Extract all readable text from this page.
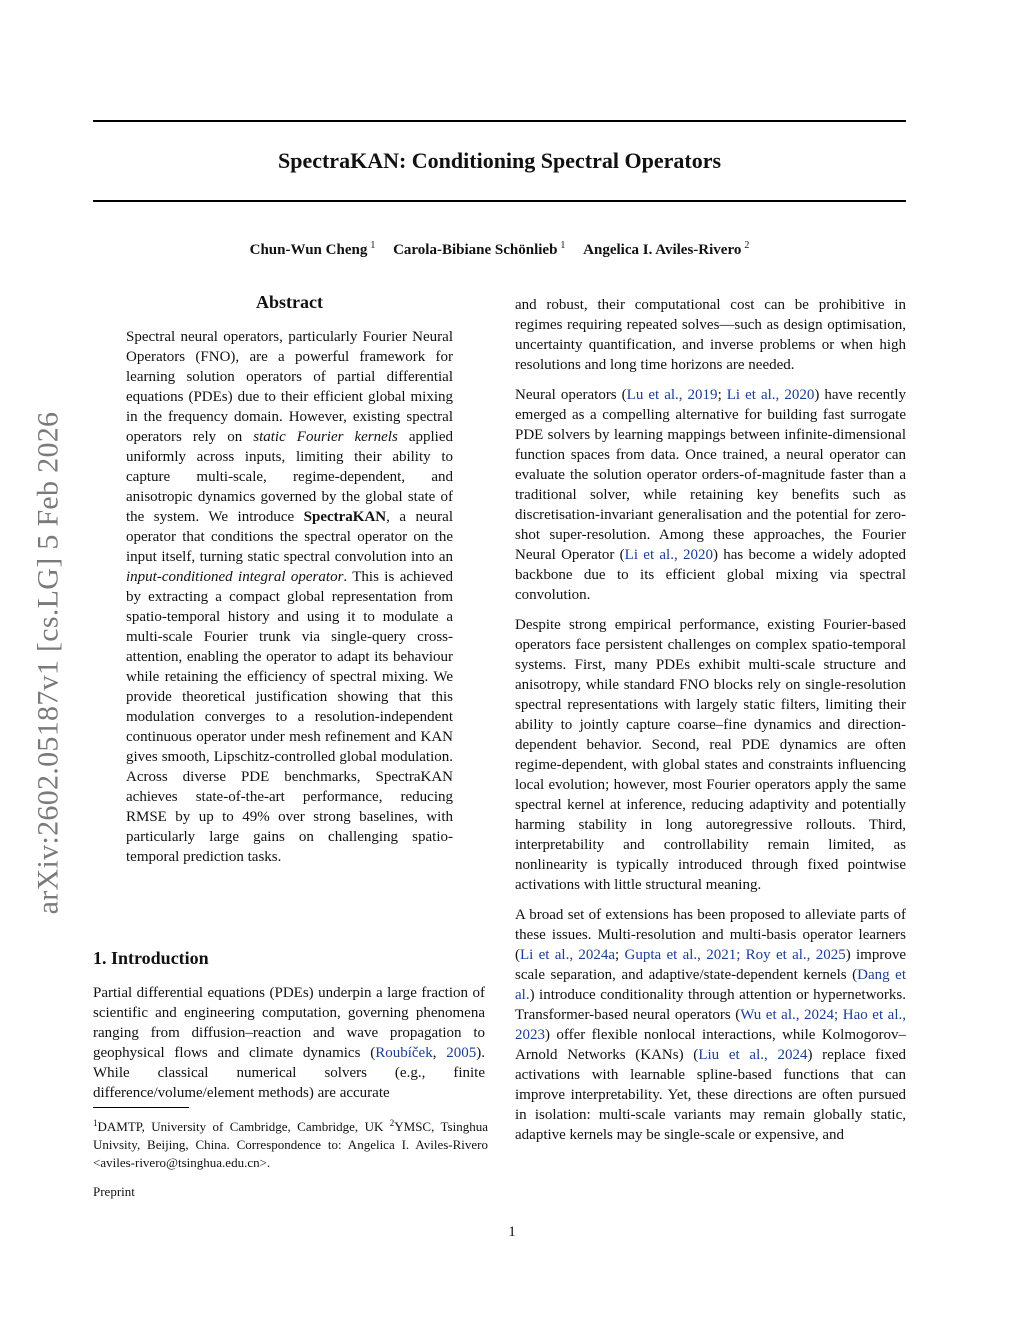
SpectraKAN: Conditioning Spectral Operators
Chun-Wun Cheng $^1$ Carola-Bibiane Schönlieb $^1$ Angelica I. Aviles-Rivero $^2$
arXiv:2602.05187v1 [cs.LG] 5 Feb 2026
Abstract

Spectral neural operators, particularly Fourier Neural Operators (FNO), are a powerful framework for learning solution operators of partial differential equations (PDEs) due to their efficient global mixing in the frequency domain. However, existing spectral operators rely on static Fourier kernels applied uniformly across inputs, limiting their ability to capture multi-scale, regime-dependent, and anisotropic dynamics governed by the global state of the system. We introduce SpectraKAN, a neural operator that conditions the spectral operator on the input itself, turning static spectral convolution into an input-conditioned integral operator. This is achieved by extracting a compact global representation from spatio-temporal history and using it to modulate a multi-scale Fourier trunk via single-query cross-attention, enabling the operator to adapt its behaviour while retaining the efficiency of spectral mixing. We provide theoretical justification showing that this modulation converges to a resolution-independent continuous operator under mesh refinement and KAN gives smooth, Lipschitz-controlled global modulation. Across diverse PDE benchmarks, SpectraKAN achieves state-of-the-art performance, reducing RMSE by up to 49% over strong baselines, with particularly large gains on challenging spatio-temporal prediction tasks.

1. Introduction

Partial differential equations (PDEs) underpin a large fraction of scientific and engineering computation, governing phenomena ranging from diffusion–reaction and wave propagation to geophysical flows and climate dynamics (Roubíček, 2005). While classical numerical solvers (e.g., finite difference/volume/element methods) are accurate

$^1$DAMTP, University of Cambridge, Cambridge, UK $^2$YMSC, Tsinghua Univsity, Beijing, China. Correspondence to: Angelica I. Aviles-Rivero <aviles-rivero@tsinghua.edu.cn>.

Preprint

and robust, their computational cost can be prohibitive in regimes requiring repeated solves—such as design optimisation, uncertainty quantification, and inverse problems or when high resolutions and long time horizons are needed.

Neural operators (Lu et al., 2019; Li et al., 2020) have recently emerged as a compelling alternative for building fast surrogate PDE solvers by learning mappings between infinite-dimensional function spaces from data. Once trained, a neural operator can evaluate the solution operator orders-of-magnitude faster than a traditional solver, while retaining key benefits such as discretisation-invariant generalisation and the potential for zero-shot super-resolution. Among these approaches, the Fourier Neural Operator (Li et al., 2020) has become a widely adopted backbone due to its efficient global mixing via spectral convolution.

Despite strong empirical performance, existing Fourier-based operators face persistent challenges on complex spatio-temporal systems. First, many PDEs exhibit multi-scale structure and anisotropy, while standard FNO blocks rely on single-resolution spectral representations with largely static filters, limiting their ability to jointly capture coarse–fine dynamics and direction-dependent behavior. Second, real PDE dynamics are often regime-dependent, with global states and constraints influencing local evolution; however, most Fourier operators apply the same spectral kernel at inference, reducing adaptivity and potentially harming stability in long autoregressive rollouts. Third, interpretability and controllability remain limited, as nonlinearity is typically introduced through fixed pointwise activations with little structural meaning.

A broad set of extensions has been proposed to alleviate parts of these issues. Multi-resolution and multi-basis operator learners (Li et al., 2024a; Gupta et al., 2021; Roy et al., 2025) improve scale separation, and adaptive/state-dependent kernels (Dang et al.) introduce conditionality through attention or hypernetworks. Transformer-based neural operators (Wu et al., 2024; Hao et al., 2023) offer flexible nonlocal interactions, while Kolmogorov–Arnold Networks (KANs) (Liu et al., 2024) replace fixed activations with learnable spline-based functions that can improve interpretability. Yet, these directions are often pursued in isolation: multi-scale variants may remain globally static, adaptive kernels may be single-scale or expensive, and

1
